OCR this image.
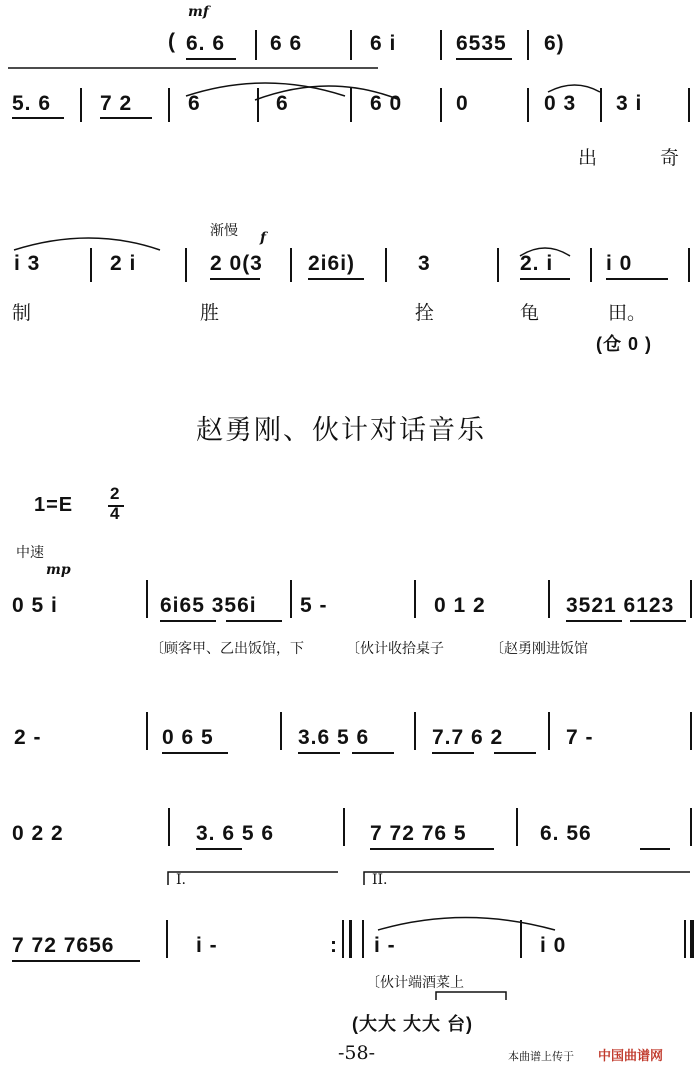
mf
( 6. 6 6 6	6 i	6535 6)
5. 6 7 2	6	6	6 0	0	0 3 3 i
出	奇
渐慢 f
i 3	2 i	2 0(3 2i6i)	3	2. i	i 0
制	胜	拴	龟	田。
(仓 0 )
赵勇刚、伙计对话音乐
1=E
2
4
中速
mp
0 5 i	6i65 356i 5 -	0 1 2	3521 6123
〔顾客甲、乙出饭馆，下	〔伙计收拾桌子	〔赵勇刚进饭馆
2 -	0 6 5	3.6 5 6	7.7 6 2	7 -
0 2 2	3. 6 5 6	7 72 76 5	6. 56
I.	II.
7 72 7656	i -	: i -	i 0
〔伙计端酒菜上
(大大 大大 台)
-58-	本曲谱上传于 中国曲谱网
